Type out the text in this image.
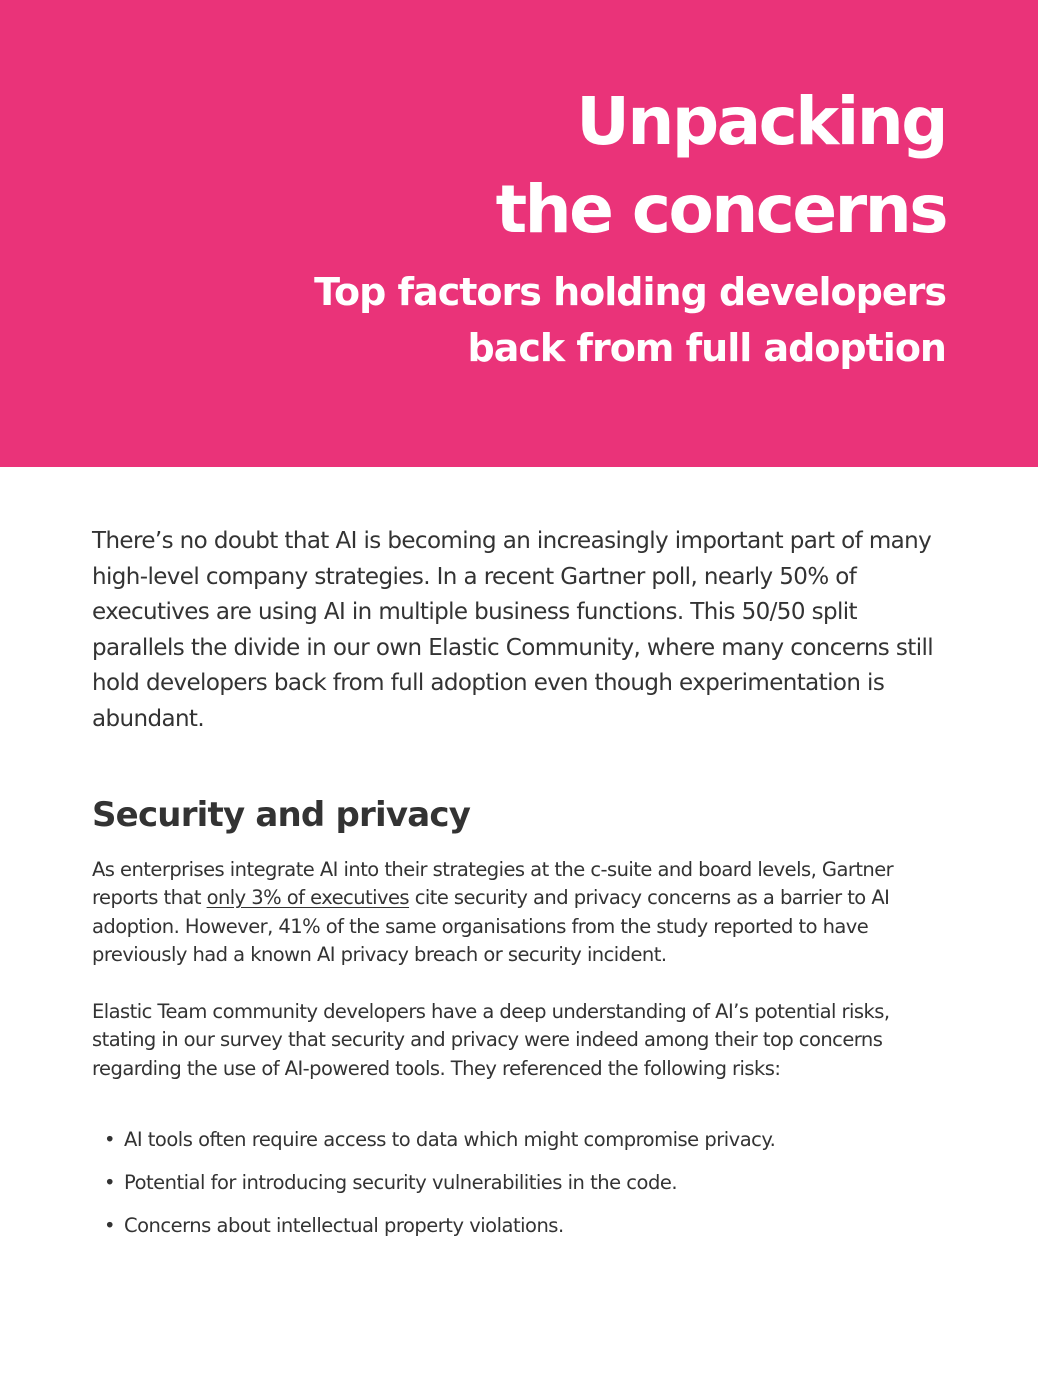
Unpacking
the concerns
Top factors holding developers
back from full adoption

There’s no doubt that AI is becoming an increasingly important part of many high-level company strategies. In a recent Gartner poll, nearly 50% of executives are using AI in multiple business functions. This 50/50 split parallels the divide in our own Elastic Community, where many concerns still hold developers back from full adoption even though experimentation is abundant.

Security and privacy

As enterprises integrate AI into their strategies at the c-suite and board levels, Gartner reports that only 3% of executives cite security and privacy concerns as a barrier to AI adoption. However, 41% of the same organisations from the study reported to have previously had a known AI privacy breach or security incident.

Elastic Team community developers have a deep understanding of AI’s potential risks, stating in our survey that security and privacy were indeed among their top concerns regarding the use of AI-powered tools. They referenced the following risks:

• AI tools often require access to data which might compromise privacy.
• Potential for introducing security vulnerabilities in the code.
• Concerns about intellectual property violations.
